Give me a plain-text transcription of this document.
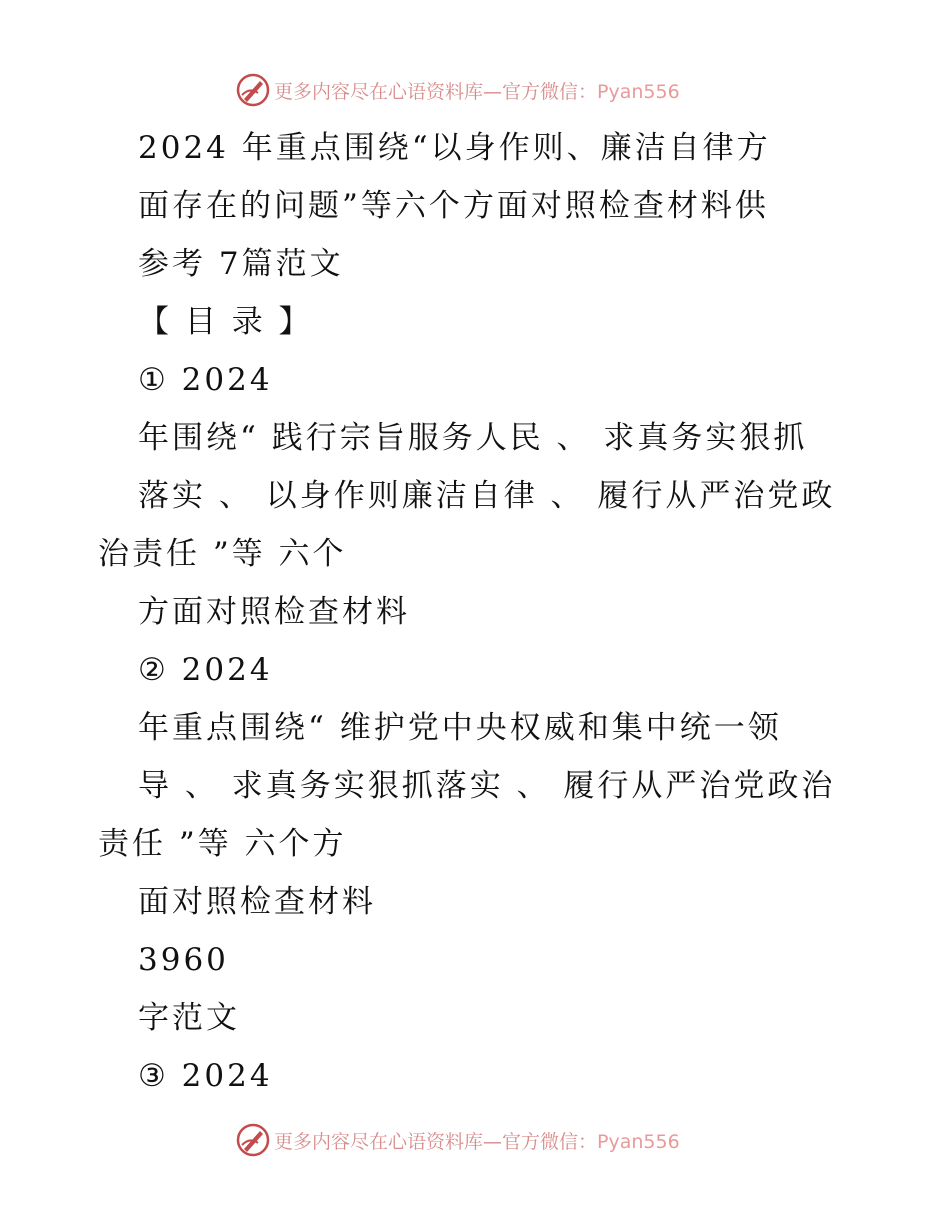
更多内容尽在心语资料库—官方微信：Pyan556
2024 年重点围绕“以身作则、廉洁自律方
面存在的问题”等六个方面对照检查材料供
参考 7篇范文
【 目 录 】
① 2024
年围绕“ 践行宗旨服务人民 、 求真务实狠抓
落实 、 以身作则廉洁自律 、 履行从严治党政
治责任 ”等 六个
方面对照检查材料
② 2024
年重点围绕“ 维护党中央权威和集中统一领
导 、 求真务实狠抓落实 、 履行从严治党政治
责任 ”等 六个方
面对照检查材料
3960
字范文
③ 2024
更多内容尽在心语资料库—官方微信：Pyan556
